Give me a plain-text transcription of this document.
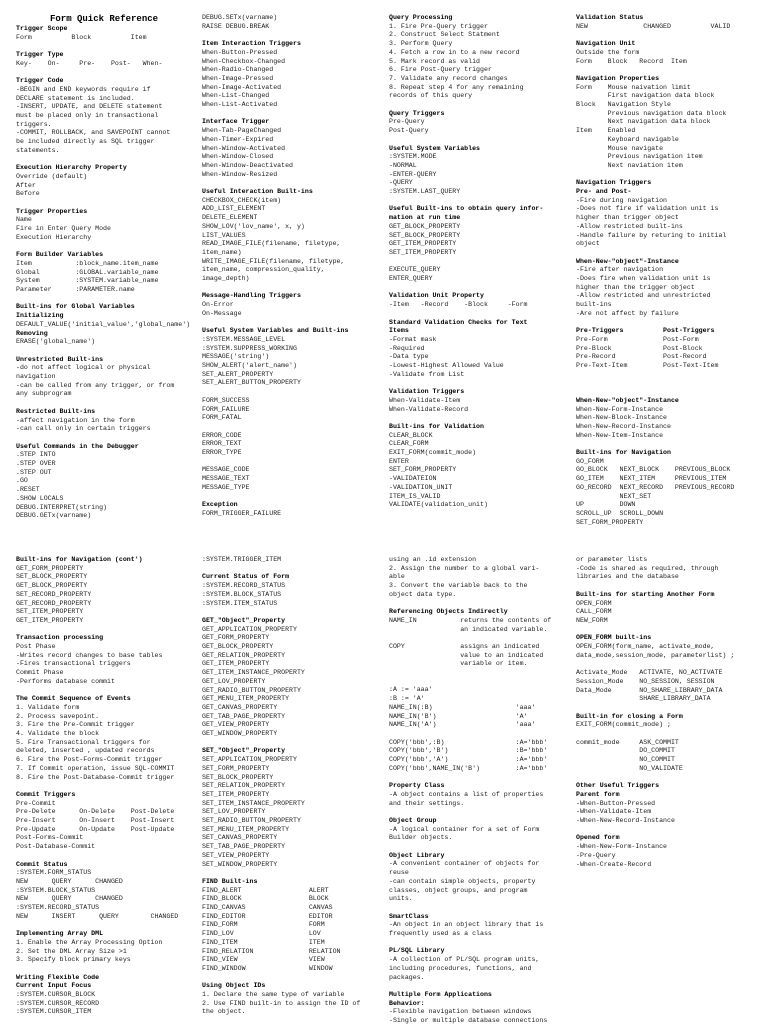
Form Quick Reference
Trigger Scope
Form          Block          Item
Trigger Type
Key-    On-     Pre-    Post-   When-
Trigger Code
-BEGIN and END keywords require if
DECLARE statement is included.
-INSERT, UPDATE, and DELETE statement
must be placed only in transactional
triggers.
-COMMIT, ROLLBACK, and SAVEPOINT cannot
be included directly as SQL trigger
statements.
Execution Hierarchy Property
Override (default)
After
Before
Trigger Properties
Name
Fire in Enter Query Mode
Execution Hierarchy
Form Builder Variables
Item           :block_name.item_name
Global         :GLOBAL.variable_name
System         :SYSTEM.variable_name
Parameter      :PARAMETER.name
Built-ins for Global Variables
Initializing
DEFAULT_VALUE('initial_value','global_name')
Removing
ERASE('global_name')
Unrestricted Built-ins
-do not affect logical or physical
navigation
-can be called from any trigger, or from
any subprogram
Restricted Built-ins
-affect navigation in the form
-can call only in certain triggers
Useful Commands in the Debugger
.STEP INTO
.STEP OVER
.STEP OUT
.GO
.RESET
.SHOW LOCALS
DEBUG.INTERPRET(string)
DEBUG.GETx(varname)
DEBUG.SETx(varname)
RAISE DEBUG.BREAK
Item Interaction Triggers
When-Button-Pressed
When-Checkbox-Changed
When-Radio-Changed
When-Image-Pressed
When-Image-Activated
When-List-Changed
When-List-Activated
Interface Trigger
When-Tab-PageChanged
When-Timer-Expired
When-Window-Activated
When-Window-Closed
When-Window-Deactivated
When-Window-Resized
Useful Interaction Built-ins
CHECKBOX_CHECK(item)
ADD_LIST_ELEMENT
DELETE_ELEMENT
SHOW_LOV('lov_name', x, y)
LIST_VALUES
READ_IMAGE_FILE(filename, filetype,
item_name)
WRITE_IMAGE_FILE(filename, filetype,
item_name, compression_quality,
image_depth)
Message-Handling Triggers
On-Error
On-Message
Useful System Variables and Built-ins
:SYSTEM.MESSAGE_LEVEL
:SYSTEM.SUPPRESS_WORKING
MESSAGE('string')
SHOW_ALERT('alert_name')
SET_ALERT_PROPERTY
SET_ALERT_BUTTON_PROPERTY
FORM_SUCCESS
FORM_FAILURE
FORM_FATAL
ERROR_CODE
ERROR_TEXT
ERROR_TYPE
MESSAGE_CODE
MESSAGE_TEXT
MESSAGE_TYPE
Exception
FORM_TRIGGER_FAILURE
Query Processing
1. Fire Pre-Query trigger
2. Construct Select Statment
3. Perform Query
4. Fetch a row in to a new record
5. Mark record as valid
6. Fire Post-Query trigger
7. Validate any record changes
8. Repeat step 4 for any remaining
records of this query
Query Triggers
Pre-Query
Post-Query
Useful System Variables
:SYSTEM.MODE
-NORMAL
-ENTER-QUERY
-QUERY
:SYSTEM.LAST_QUERY
Useful Built-ins to obtain query infor-
mation at run time
GET_BLOCK_PROPERTY
SET_BLOCK_PROPERTY
GET_ITEM_PROPERTY
SET_ITEM_PROPERTY
EXECUTE_QUERY
ENTER_QUERY
Validation Unit Property
-Item   -Record    -Block     -Form
Standard Validation Checks for Text
Items
-Format mask
-Required
-Data type
-Lowest-Highest Allowed Value
-Validate from List
Validation Triggers
When-Validate-Item
When-Validate-Record
Built-ins for Validation
CLEAR_BLOCK
CLEAR_FORM
EXIT_FORM(commit_mode)
ENTER
SET_FORM_PROPERTY
-VALIDATEION
-VALIDATION_UNIT
ITEM_IS_VALID
VALIDATE(validation_unit)
Validation Status
NEW              CHANGED          VALID
Navigation Unit
Outside the form
Form    Block   Record  Item
Navigation Properties
Form    Mouse naivation limit
First navigation data block
Block   Navigation Style
Previous navigation data block
Next navigation data block
Item    Enabled
Keyboard navigable
Mouse navigate
Previous navigation item
Next naviation item
Navigation Triggers
Pre- and Post-
-Fire during navigation
-Does not fire if validation unit is
higher than trigger object
-Allow restricted built-ins
-Handle failure by returing to initial
object
When-New-"object"-Instance
-Fire after navigation
-Does fire when validation unit is
higher than the trigger object
-Allow restricted and unrestricted
built-ins
-Are not affect by failure
Pre-Triggers          Post-Triggers
Pre-Form              Post-Form
Pre-Block             Post-Block
Pre-Record            Post-Record
Pre-Text-Item         Post-Text-Item
When-New-"object"-Instance
When-New-Form-Instance
When-New-Block-Instance
When-New-Record-Instance
When-New-Item-Instance
Built-ins for Navigation
GO_FORM
GO_BLOCK   NEXT_BLOCK    PREVIOUS_BLOCK
GO_ITEM    NEXT_ITEM     PREVIOUS_ITEM
GO_RECORD  NEXT_RECORD   PREVIOUS_RECORD
NEXT_SET
UP         DOWN
SCROLL_UP  SCROLL_DOWN
SET_FORM_PROPERTY
Built-ins for Navigation (cont')
GET_FORM_PROPERTY
SET_BLOCK_PROPERTY
GET_BLOCK_PROPERTY
SET_RECORD_PROPERTY
GET_RECORD_PROPERTY
SET_ITEM_PROPERTY
GET_ITEM_PROPERTY
Transaction processing
Post Phase
-Writes record changes to base tables
-Fires transactional triggers
Commit Phase
-Performs database commit
The Commit Sequence of Events
1. Validate form
2. Process savepoint.
3. Fire the Pre-Commit trigger
4. Validate the block
5. Fire Transactional triggers for
deleted, inserted , updated records
6. Fire the Post-Forms-Commit trigger
7. If Commit operation, issue SQL-COMMIT
8. Fire the Post-Database-Commit trigger
Commit Triggers
Pre-Commit
Pre-Delete      On-Delete    Post-Delete
Pre-Insert      On-Insert    Post-Insert
Pre-Update      On-Update    Post-Update
Post-Forms-Commit
Post-Database-Commit
Commit Status
:SYSTEM.FORM_STATUS
NEW      QUERY      CHANGED
:SYSTEM.BLOCK_STATUS
NEW      QUERY      CHANGED
:SYSTEM.RECORD_STATUS
NEW      INSERT      QUERY        CHANGED
Implementing Array DML
1. Enable the Array Processing Option
2. Set the DML Array Size >1
3. Specify block primary keys
Writing Flexible Code
Current Input Focus
:SYSTEM.CURSOR_BLOCK
:SYSTEM.CURSOR_RECORD
:SYSTEM.CURSOR_ITEM
:SYSTEM.TRIGGER_ITEM
Current Status of Form
:SYSTEM.RECORD_STATUS
:SYSTEM.BLOCK_STATUS
:SYSTEM.ITEM_STATUS
GET_"Object"_Property
GET_APPLICATION_PROPERTY
GET_FORM_PROPERTY
GET_BLOCK_PROPERTY
GET_RELATION_PROPERTY
GET_ITEM_PROPERTY
GET_ITEM_INSTANCE_PROPERTY
GET_LOV_PROPERTY
GET_RADIO_BUTTON_PROPERTY
GET_MENU_ITEM_PROPERTY
GET_CANVAS_PROPERTY
GET_TAB_PAGE_PROPERTY
GET_VIEW_PROPERTY
GET_WINDOW_PROPERTY
SET_"Object"_Property
SET_APPLICATION_PROPERTY
SET_FORM_PROPERTY
SET_BLOCK_PROPERTY
SET_RELATION_PROPERTY
SET_ITEM_PROPERTY
SET_ITEM_INSTANCE_PROPERTY
SET_LOV_PROPERTY
SET_RADIO_BUTTON_PROPERTY
SET_MENU_ITEM_PROPERTY
SET_CANVAS_PROPERTY
SET_TAB_PAGE_PROPERTY
SET_VIEW_PROPERTY
SET_WINDOW_PROPERTY
FIND Built-ins
FIND_ALERT                 ALERT
FIND_BLOCK                 BLOCK
FIND_CANVAS                CANVAS
FIND_EDITOR                EDITOR
FIND_FORM                  FORM
FIND_LOV                   LOV
FIND_ITEM                  ITEM
FIND_RELATION              RELATION
FIND_VIEW                  VIEW
FIND_WINDOW                WINDOW
Using Object IDs
1. Declare the same type of variable
2. Use FIND built-in to assign the ID of
the object.
using an .id extension
2. Assign the number to a global vari-
able
3. Convert the variable back to the
object data type.
Referencing Objects Indirectly
NAME_IN           returns the contents of
an indicated variable.
COPY              assigns an indicated
value to an indicated
variable or item.
:A := 'aaa'
:B := 'A'
NAME_IN(:B)                     'aaa'
NAME_IN('B')                    'A'
NAME_IN('A')                    'aaa'
COPY('bbb',:B)                  :A='bbb'
COPY('bbb','B')                 :B='bbb'
COPY('bbb','A')                 :A='bbb'
COPY('bbb',NAME_IN('B')         :A='bbb'
Property Class
-A object contains a list of properties
and their settings.
Object Group
-A logical container for a set of Form
Builder objects.
Object Library
-A convenient container of objects for
reuse
-can contain simple objects, property
classes, object groups, and program
units.
SmartClass
-An object in an object library that is
frequently used as a class
PL/SQL Library
-A collection of PL/SQL program units,
including procedures, functions, and
packages.
Multiple Form Applications
Behavior:
-Flexible navigation between windows
-Single or multiple database connections
or parameter lists
-Code is shared as required, through
libraries and the database
Built-ins for starting Another Form
OPEN_FORM
CALL_FORM
NEW_FORM
OPEN_FORM built-ins
OPEN_FORM(form_name, activate_mode,
data_mode,session_mode, parameterlist) ;
Activate_Mode   ACTIVATE, NO_ACTIVATE
Session_Mode    NO_SESSION, SESSION
Data_Mode       NO_SHARE_LIBRARY_DATA
SHARE_LIBRARY_DATA
Built-in for closing a Form
EXIT_FORM(commit_mode) ;
commit_mode     ASK_COMMIT
DO_COMMIT
NO_COMMIT
NO_VALIDATE
Other Useful Triggers
Parent form
-When-Button-Pressed
-When-Validate-Item
-When-New-Record-Instance
Opened form
-When-New-Form-Instance
-Pre-Query
-When-Create-Record
